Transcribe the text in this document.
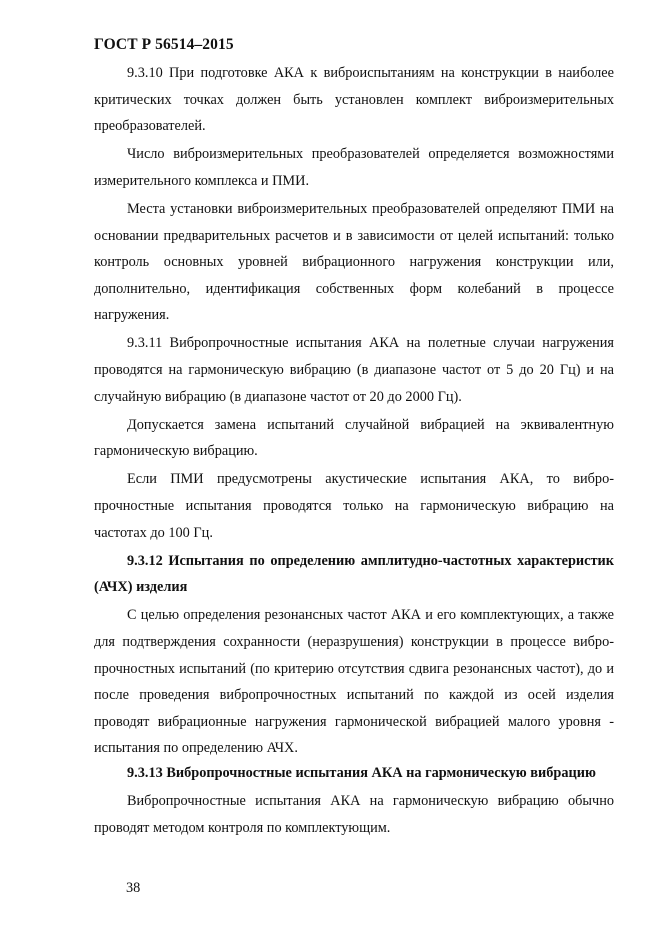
ГОСТ Р 56514–2015

9.3.10 При подготовке АКА к виброиспытаниям на конструкции в наиболее критических точках должен быть установлен комплект виброизмерительных преобразователей.

Число виброизмерительных преобразователей определяется возможностями измерительного комплекса и ПМИ.

Места установки виброизмерительных преобразователей определяют ПМИ на основании предварительных расчетов и в зависимости от целей испытаний: только контроль основных уровней вибрационного нагружения конструкции или, дополнительно, идентификация собственных форм колебаний в процессе нагружения.

9.3.11 Вибропрочностные испытания АКА на полетные случаи нагружения проводятся на гармоническую вибрацию (в диапазоне частот от 5 до 20 Гц) и на случайную вибрацию (в диапазоне частот от 20 до 2000 Гц).

Допускается замена испытаний случайной вибрацией на эквивалентную гармоническую вибрацию.

Если ПМИ предусмотрены акустические испытания АКА, то вибропрочностные испытания проводятся только на гармоническую вибрацию на частотах до 100 Гц.

9.3.12 Испытания по определению амплитудно-частотных характеристик (АЧХ) изделия

С целью определения резонансных частот АКА и его комплектующих, а также для подтверждения сохранности (неразрушения) конструкции в процессе вибропрочностных испытаний (по критерию отсутствия сдвига резонансных частот), до и после проведения вибропрочностных испытаний по каждой из осей изделия проводят вибрационные нагружения гармонической вибрацией малого уровня - испытания по определению АЧХ.

9.3.13 Вибропрочностные испытания АКА на гармоническую вибрацию

Вибропрочностные испытания АКА на гармоническую вибрацию обычно проводят методом контроля по комплектующим.

38
